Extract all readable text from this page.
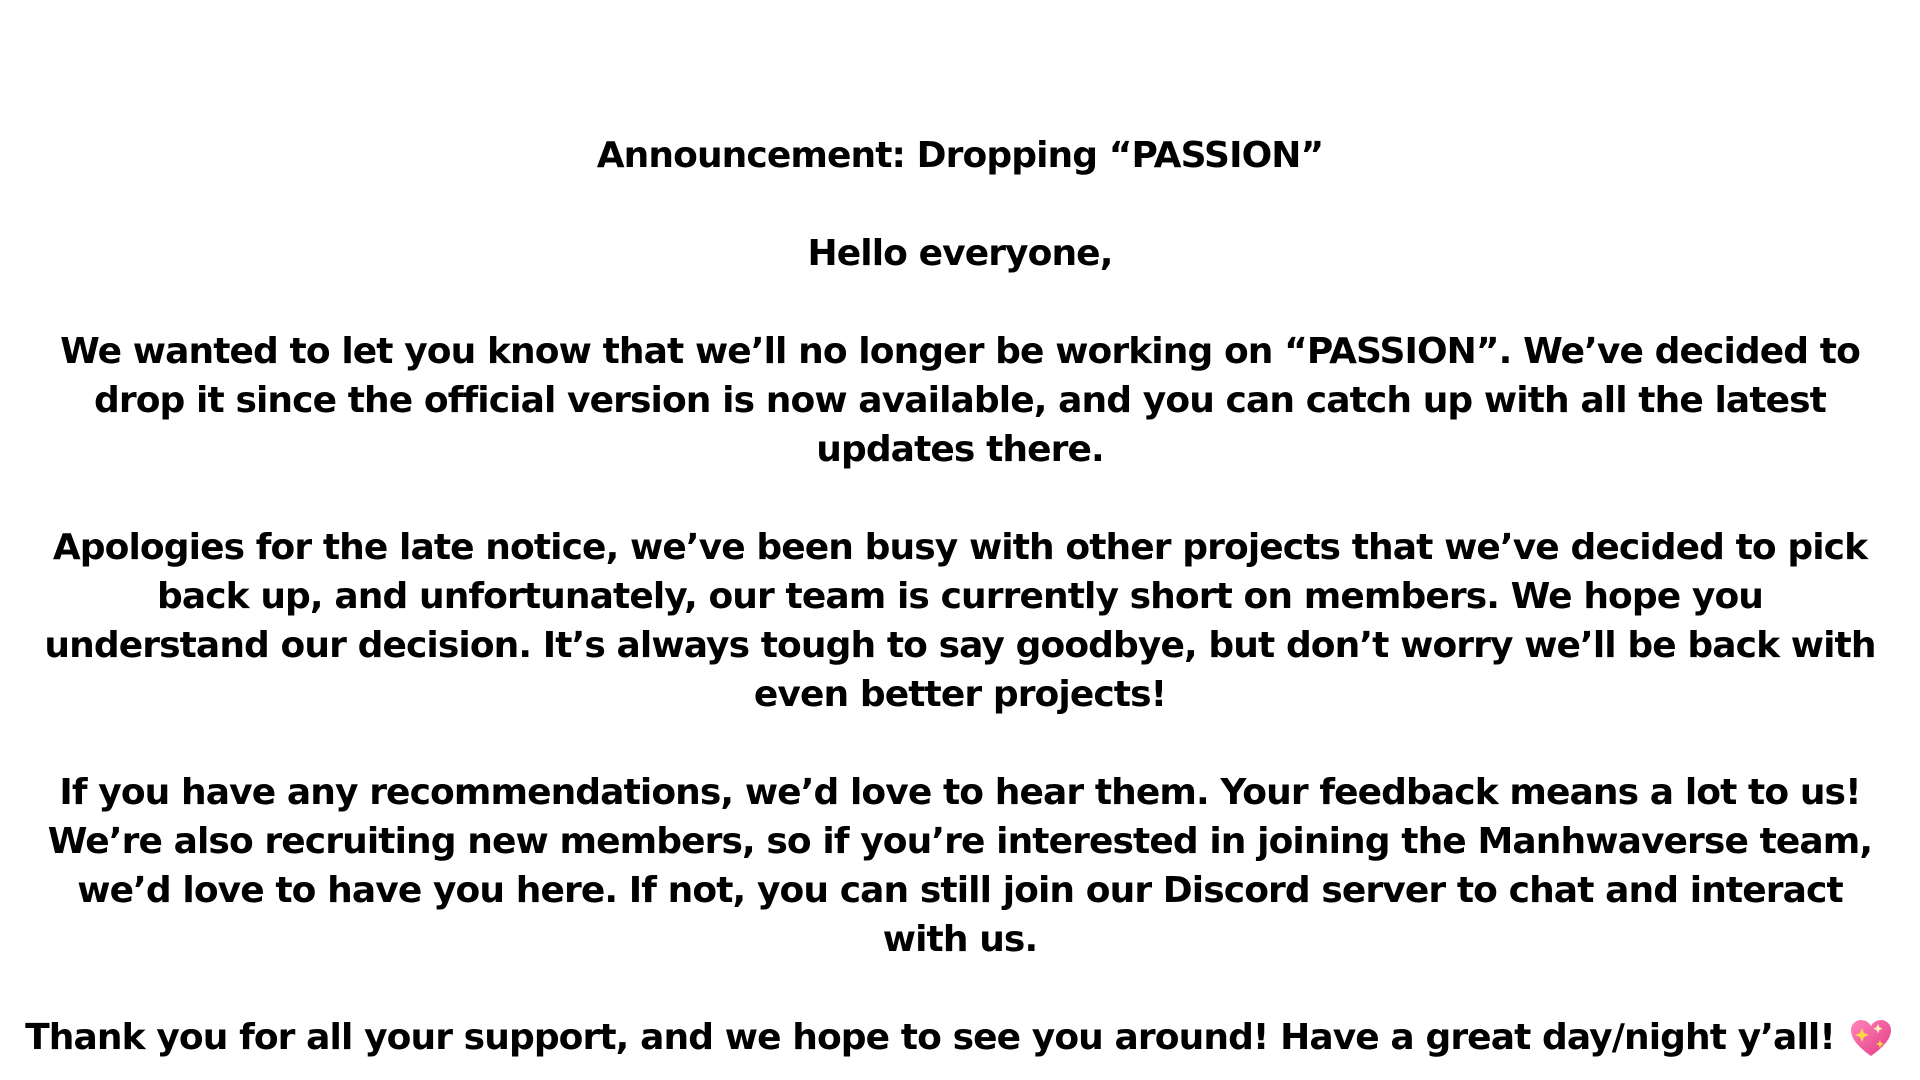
Announcement: Dropping “PASSION”
Hello everyone,
We wanted to let you know that we’ll no longer be working on “PASSION”. We’ve decided to drop it since the official version is now available, and you can catch up with all the latest updates there.
Apologies for the late notice, we’ve been busy with other projects that we’ve decided to pick back up, and unfortunately, our team is currently short on members. We hope you understand our decision. It’s always tough to say goodbye, but don’t worry we’ll be back with even better projects!
If you have any recommendations, we’d love to hear them. Your feedback means a lot to us! We’re also recruiting new members, so if you’re interested in joining the Manhwaverse team, we’d love to have you here. If not, you can still join our Discord server to chat and interact with us.
Thank you for all your support, and we hope to see you around! Have a great day/night y’all!
